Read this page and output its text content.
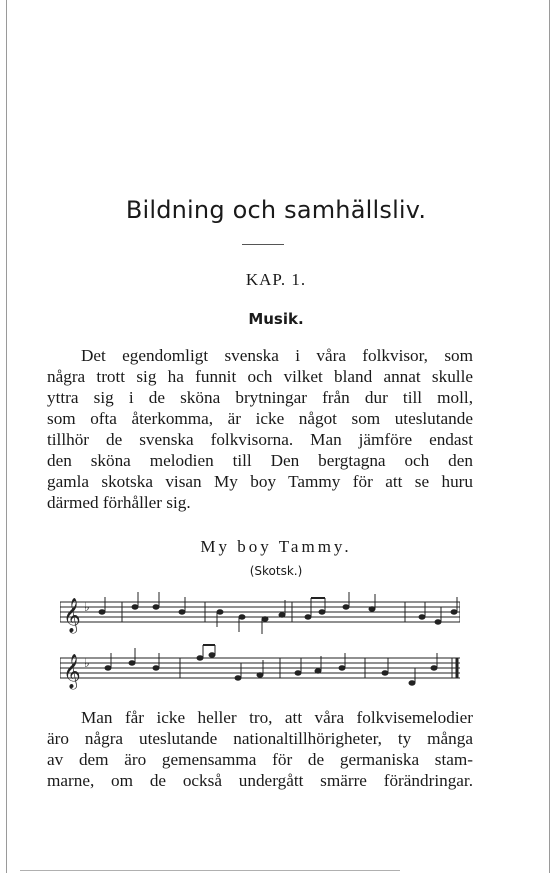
Bildning och samhällsliv.
KAP. 1.
Musik.
Det egendomligt svenska i våra folkvisor, som
några trott sig ha funnit och vilket bland annat skulle
yttra sig i de sköna brytningar från dur till moll,
som ofta återkomma, är icke något som uteslutande
tillhör de svenska folkvisorna. Man jämföre endast
den sköna melodien till Den bergtagna och den
gamla skotska visan My boy Tammy för att se huru
därmed förhåller sig.
My boy Tammy.
(Skotsk.)
𝄞 ♭
𝄞 ♭
Man får icke heller tro, att våra folkvisemelodier
äro några uteslutande nationaltillhörigheter, ty många
av dem äro gemensamma för de germaniska stam-
marne, om de också undergått smärre förändringar.
